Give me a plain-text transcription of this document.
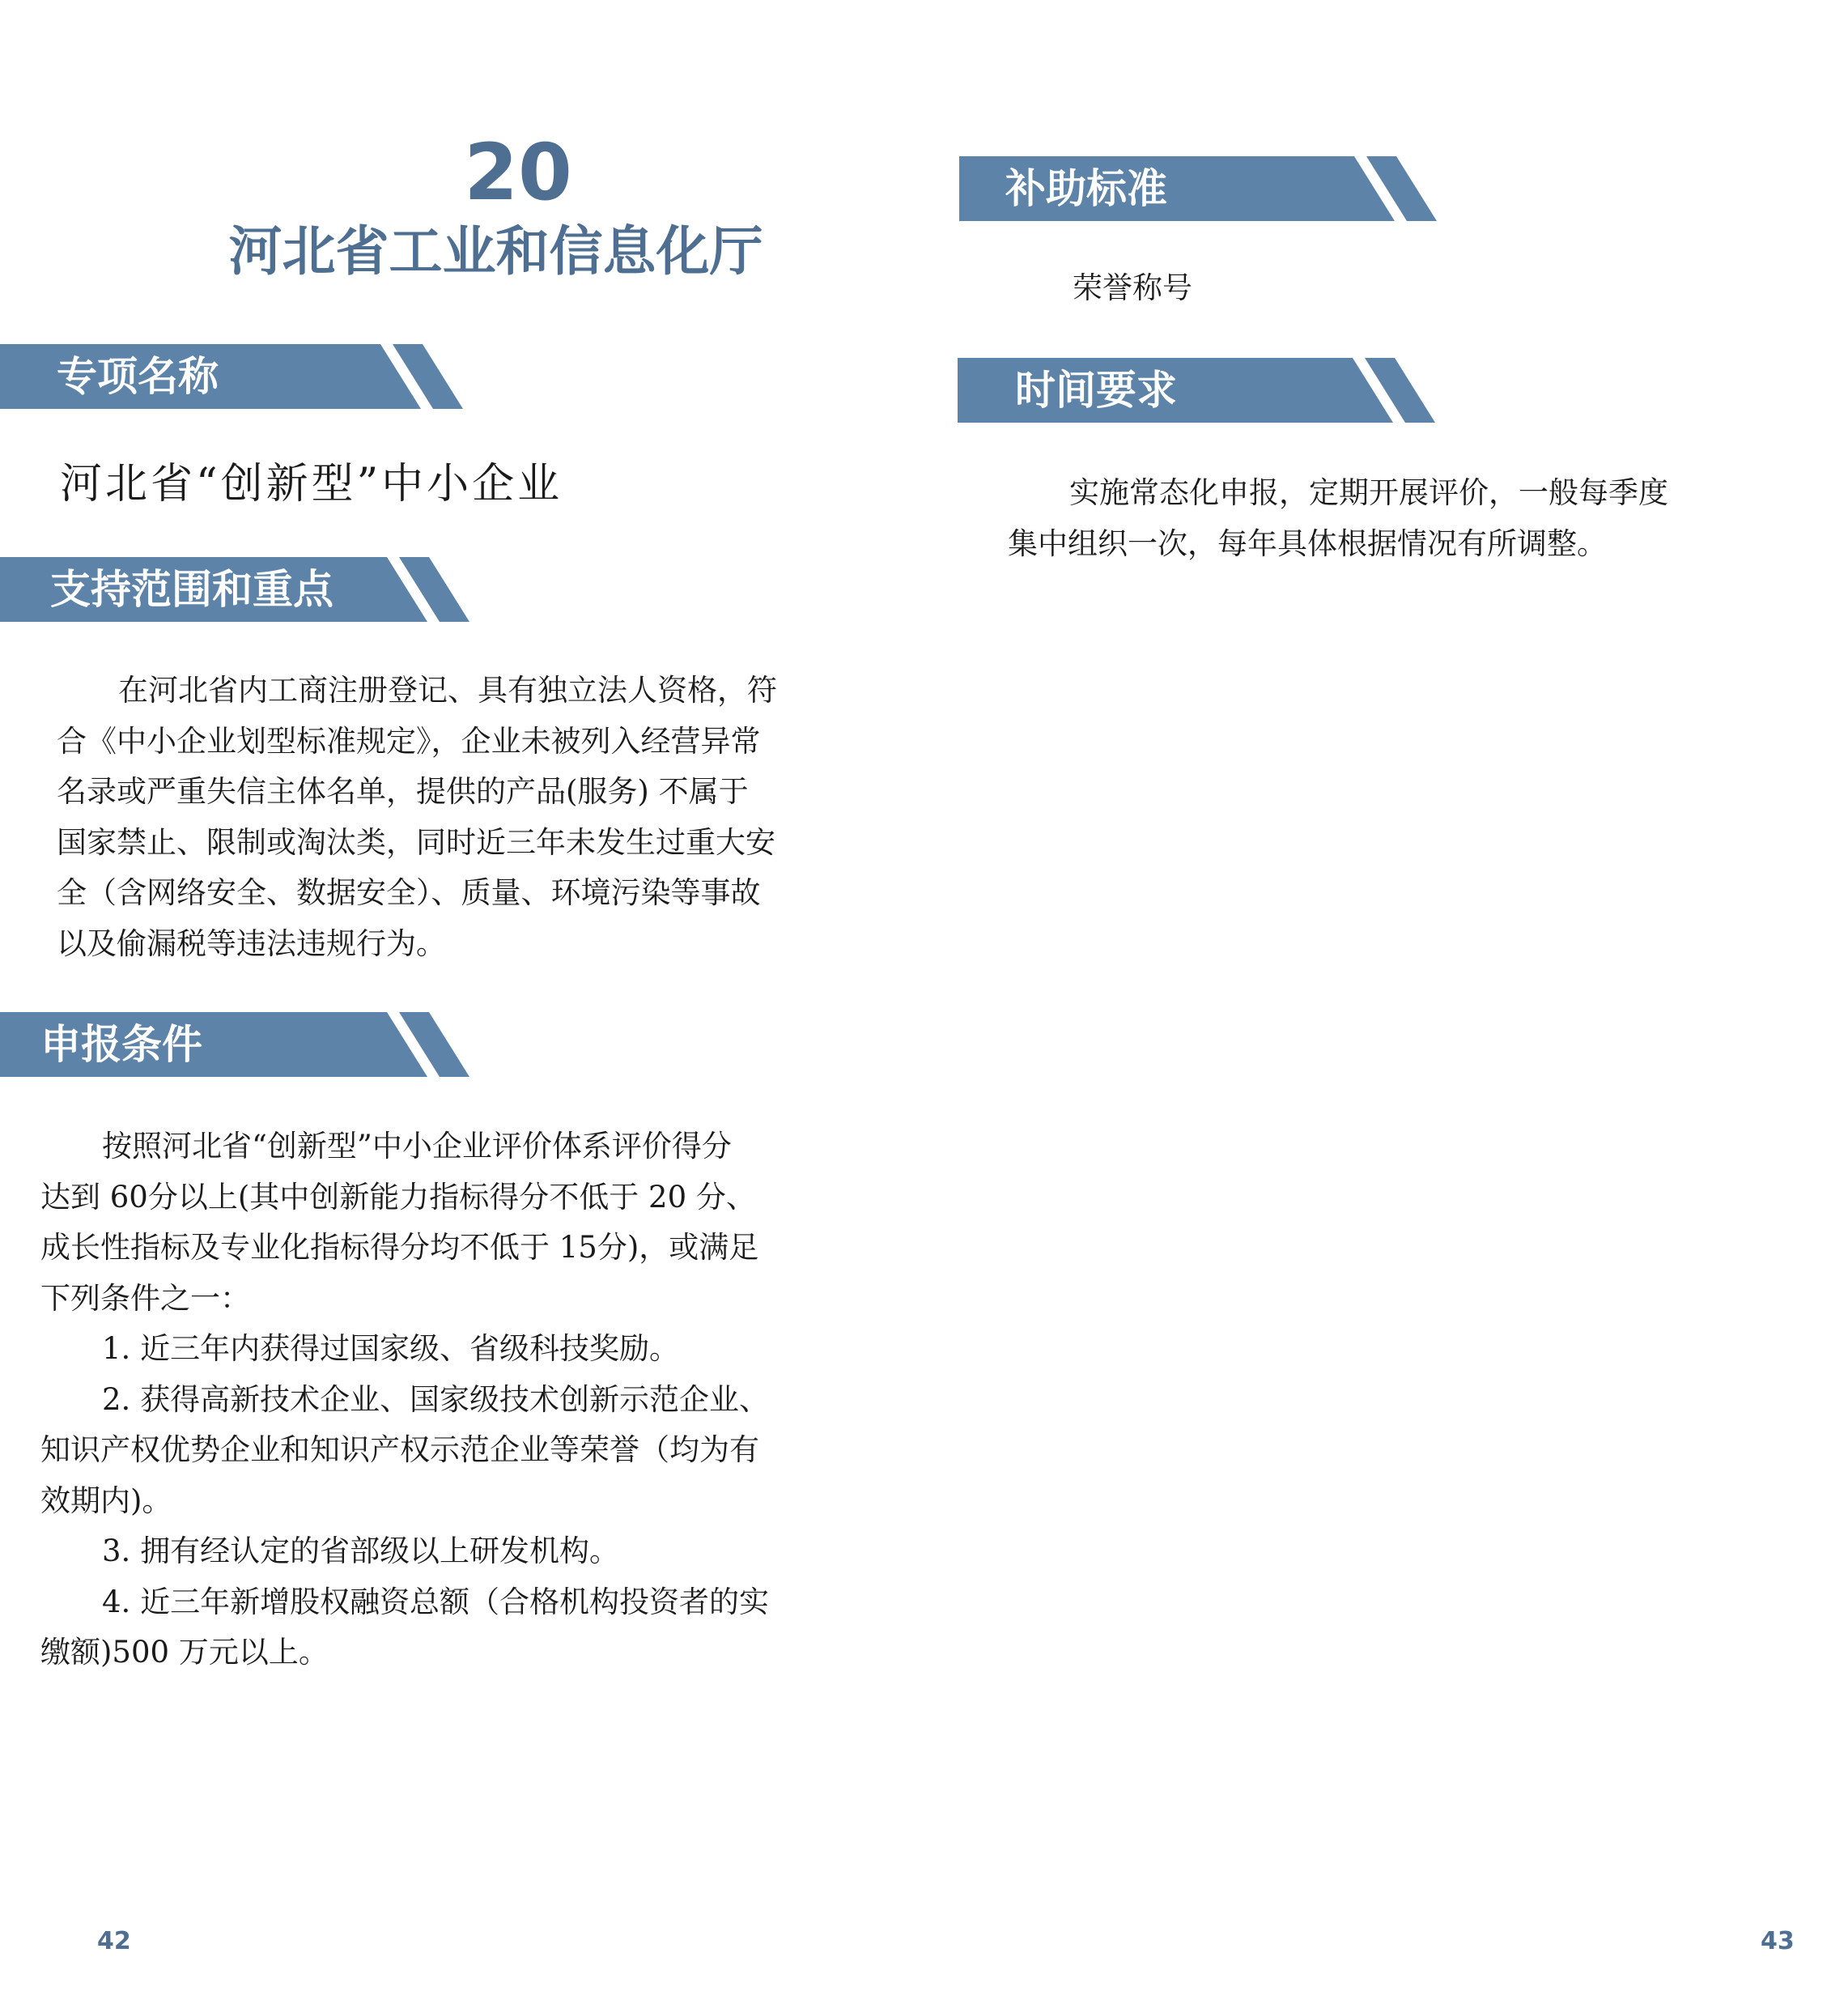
20
河北省工业和信息化厅
专项名称
河北省“创新型”中小企业
支持范围和重点

在河北省内工商注册登记、具有独立法人资格，符

合《中小企业划型标准规定》，企业未被列入经营异常

名录或严重失信主体名单，提供的产品(服务) 不属于

国家禁止、限制或淘汰类，同时近三年未发生过重大安

全（含网络安全、数据安全）、质量、环境污染等事故

以及偷漏税等违法违规行为。

申报条件

按照河北省“创新型”中小企业评价体系评价得分

达到 60分以上(其中创新能力指标得分不低于 20 分、

成长性指标及专业化指标得分均不低于 15分)，或满足

下列条件之一：

1. 近三年内获得过国家级、省级科技奖励。

2. 获得高新技术企业、国家级技术创新示范企业、

知识产权优势企业和知识产权示范企业等荣誉（均为有

效期内)。

3. 拥有经认定的省部级以上研发机构。

4. 近三年新增股权融资总额（合格机构投资者的实

缴额)500 万元以上。

补助标准
荣誉称号
时间要求

实施常态化申报，定期开展评价，一般每季度

集中组织一次，每年具体根据情况有所调整。

42	43
